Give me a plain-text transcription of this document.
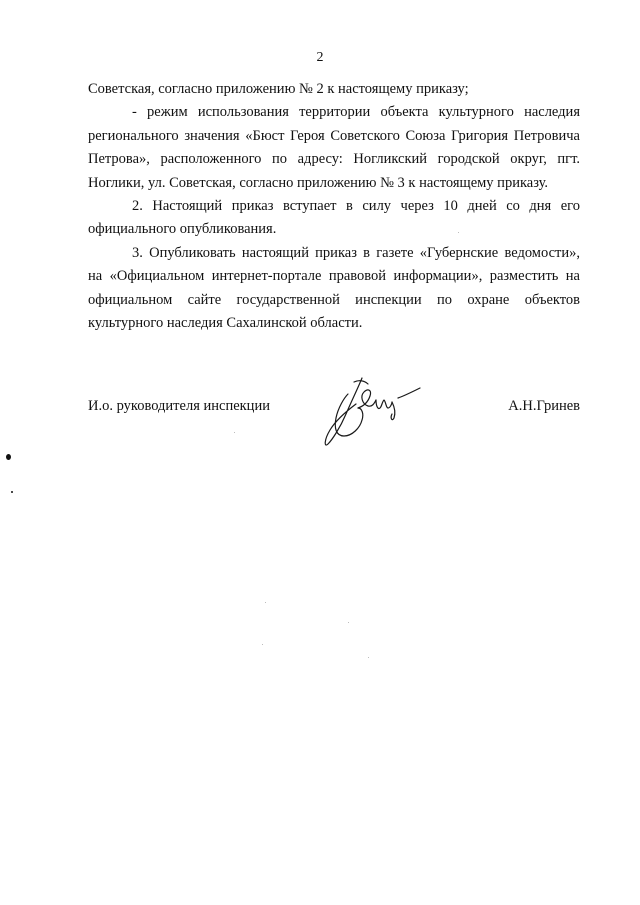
2

Советская, согласно приложению № 2 к настоящему приказу;

- режим использования территории объекта культурного наследия
регионального значения «Бюст Героя Советского Союза Григория Петровича
Петрова», расположенного по адресу: Ногликский городской округ, пгт.
Ноглики, ул. Советская, согласно приложению № 3 к настоящему приказу.

2. Настоящий приказ вступает в силу через 10 дней со дня его
официального опубликования.

3. Опубликовать настоящий приказ в газете «Губернские ведомости»,
на «Официальном интернет-портале правовой информации», разместить на
официальном сайте государственной инспекции по охране объектов
культурного наследия Сахалинской области.

И.о. руководителя инспекции	А.Н.Гринев
